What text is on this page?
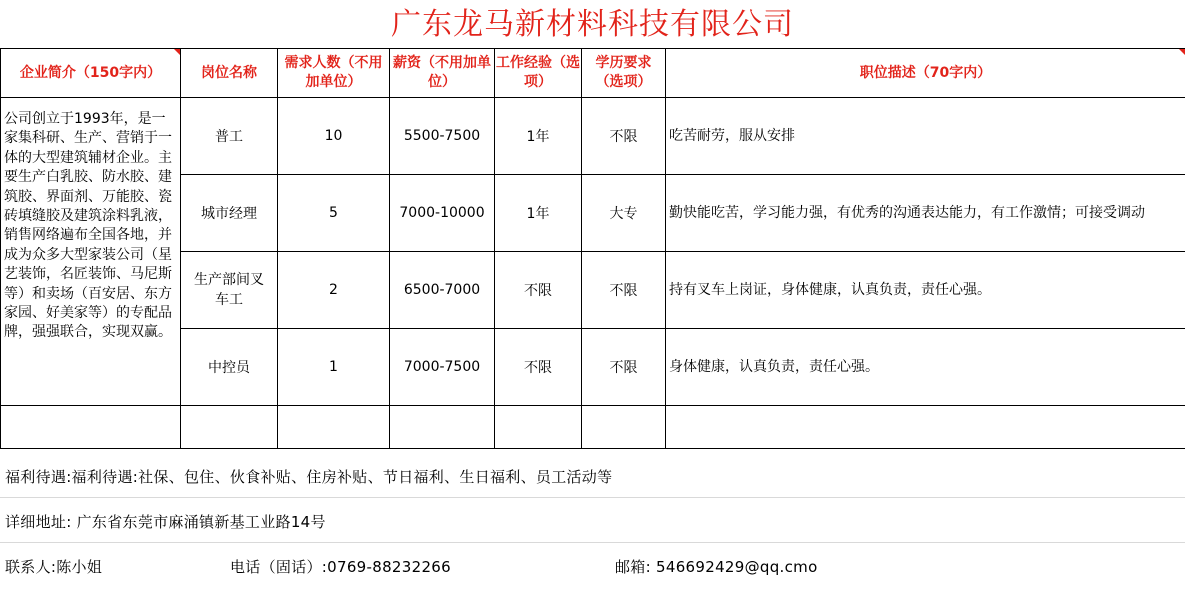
广东龙马新材料科技有限公司
企业简介（150字内）	岗位名称	需求人数（不用加单位）	薪资（不用加单位）	工作经验（选项）	学历要求（选项）	职位描述（70字内）

公司创立于1993年，是一家集科研、生产、营销于一体的大型建筑辅材企业。主要生产白乳胶、防水胶、建筑胶、界面剂、万能胶、瓷砖填缝胶及建筑涂料乳液，销售网络遍布全国各地，并成为众多大型家装公司（星艺装饰，名匠装饰、马尼斯等）和卖场（百安居、东方家园、好美家等）的专配品牌，强强联合，实现双赢。	普工	10	5500-7500	1年	不限	吃苦耐劳，服从安排
	城市经理	5	7000-10000	1年	大专	勤快能吃苦，学习能力强，有优秀的沟通表达能力，有工作激情；可接受调动
	生产部间叉车工	2	6500-7000	不限	不限	持有叉车上岗证，身体健康，认真负责，责任心强。
	中控员	1	7000-7500	不限	不限	身体健康，认真负责，责任心强。

福利待遇:福利待遇:社保、包住、伙食补贴、住房补贴、节日福利、生日福利、员工活动等
详细地址: 广东省东莞市麻涌镇新基工业路14号
联系人:陈小姐	电话（固话）:0769-88232266	邮箱: 546692429@qq.cmo
